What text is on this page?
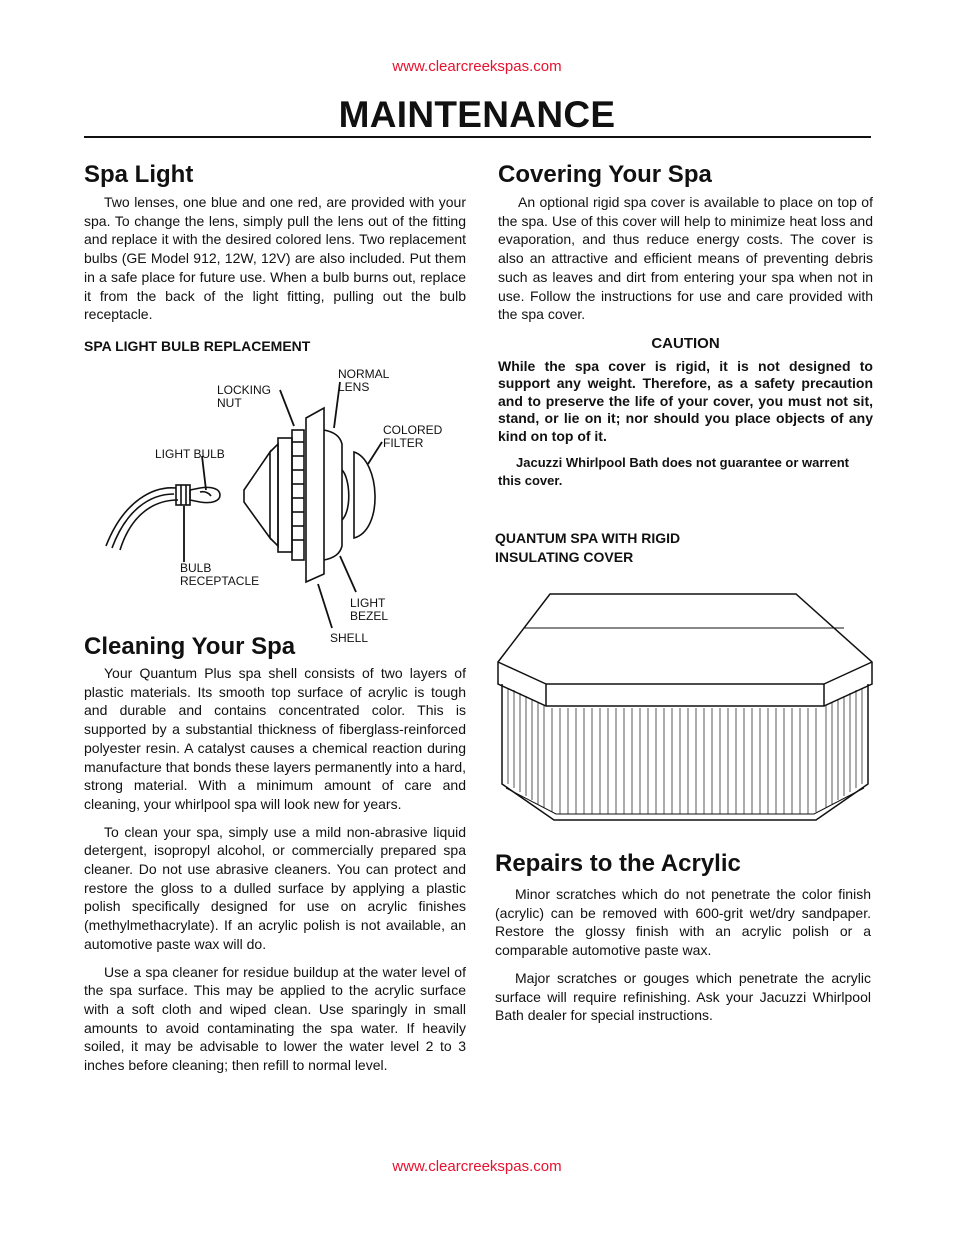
www.clearcreekspas.com
MAINTENANCE
Spa Light

Two lenses, one blue and one red, are provided with your spa. To change the lens, simply pull the lens out of the fitting and replace it with the desired colored lens. Two replacement bulbs (GE Model 912, 12W, 12V) are also included. Put them in a safe place for future use. When a bulb burns out, replace it from the back of the light fitting, pulling out the bulb receptacle.

SPA LIGHT BULB REPLACEMENT
LOCKING
NUT
NORMAL
LENS
COLORED
FILTER
LIGHT BULB
BULB
RECEPTACLE
LIGHT
BEZEL
SHELL
Cleaning Your Spa

Your Quantum Plus spa shell consists of two layers of plastic materials. Its smooth top surface of acrylic is tough and durable and contains concentrated color. This is supported by a substantial thickness of fiberglass-reinforced polyester resin. A catalyst causes a chemical reaction during manufacture that bonds these layers permanently into a hard, strong material. With a minimum amount of care and cleaning, your whirlpool spa will look new for years.

To clean your spa, simply use a mild non-abrasive liquid detergent, isopropyl alcohol, or commercially prepared spa cleaner. Do not use abrasive cleaners. You can protect and restore the gloss to a dulled surface by applying a plastic polish specifically designed for use on acrylic finishes (methylmethacrylate). If an acrylic polish is not available, an automotive paste wax will do.

Use a spa cleaner for residue buildup at the water level of the spa surface. This may be applied to the acrylic surface with a soft cloth and wiped clean. Use sparingly in small amounts to avoid contaminating the spa water. If heavily soiled, it may be advisable to lower the water level 2 to 3 inches before cleaning; then refill to normal level.

Covering Your Spa

An optional rigid spa cover is available to place on top of the spa. Use of this cover will help to minimize heat loss and evaporation, and thus reduce energy costs. The cover is also an attractive and efficient means of preventing debris such as leaves and dirt from entering your spa when not in use. Follow the instructions for use and care provided with the spa cover.

CAUTION

While the spa cover is rigid, it is not designed to support any weight. Therefore, as a safety precaution and to preserve the life of your cover, you must not sit, stand, or lie on it; nor should you place objects of any kind on top of it.

Jacuzzi Whirlpool Bath does not guarantee or warrent this cover.

QUANTUM SPA WITH RIGID
INSULATING COVER
Repairs to the Acrylic

Minor scratches which do not penetrate the color finish (acrylic) can be removed with 600-grit wet/dry sandpaper. Restore the glossy finish with an acrylic polish or a comparable automotive paste wax.

Major scratches or gouges which penetrate the acrylic surface will require refinishing. Ask your Jacuzzi Whirlpool Bath dealer for special instructions.

www.clearcreekspas.com
